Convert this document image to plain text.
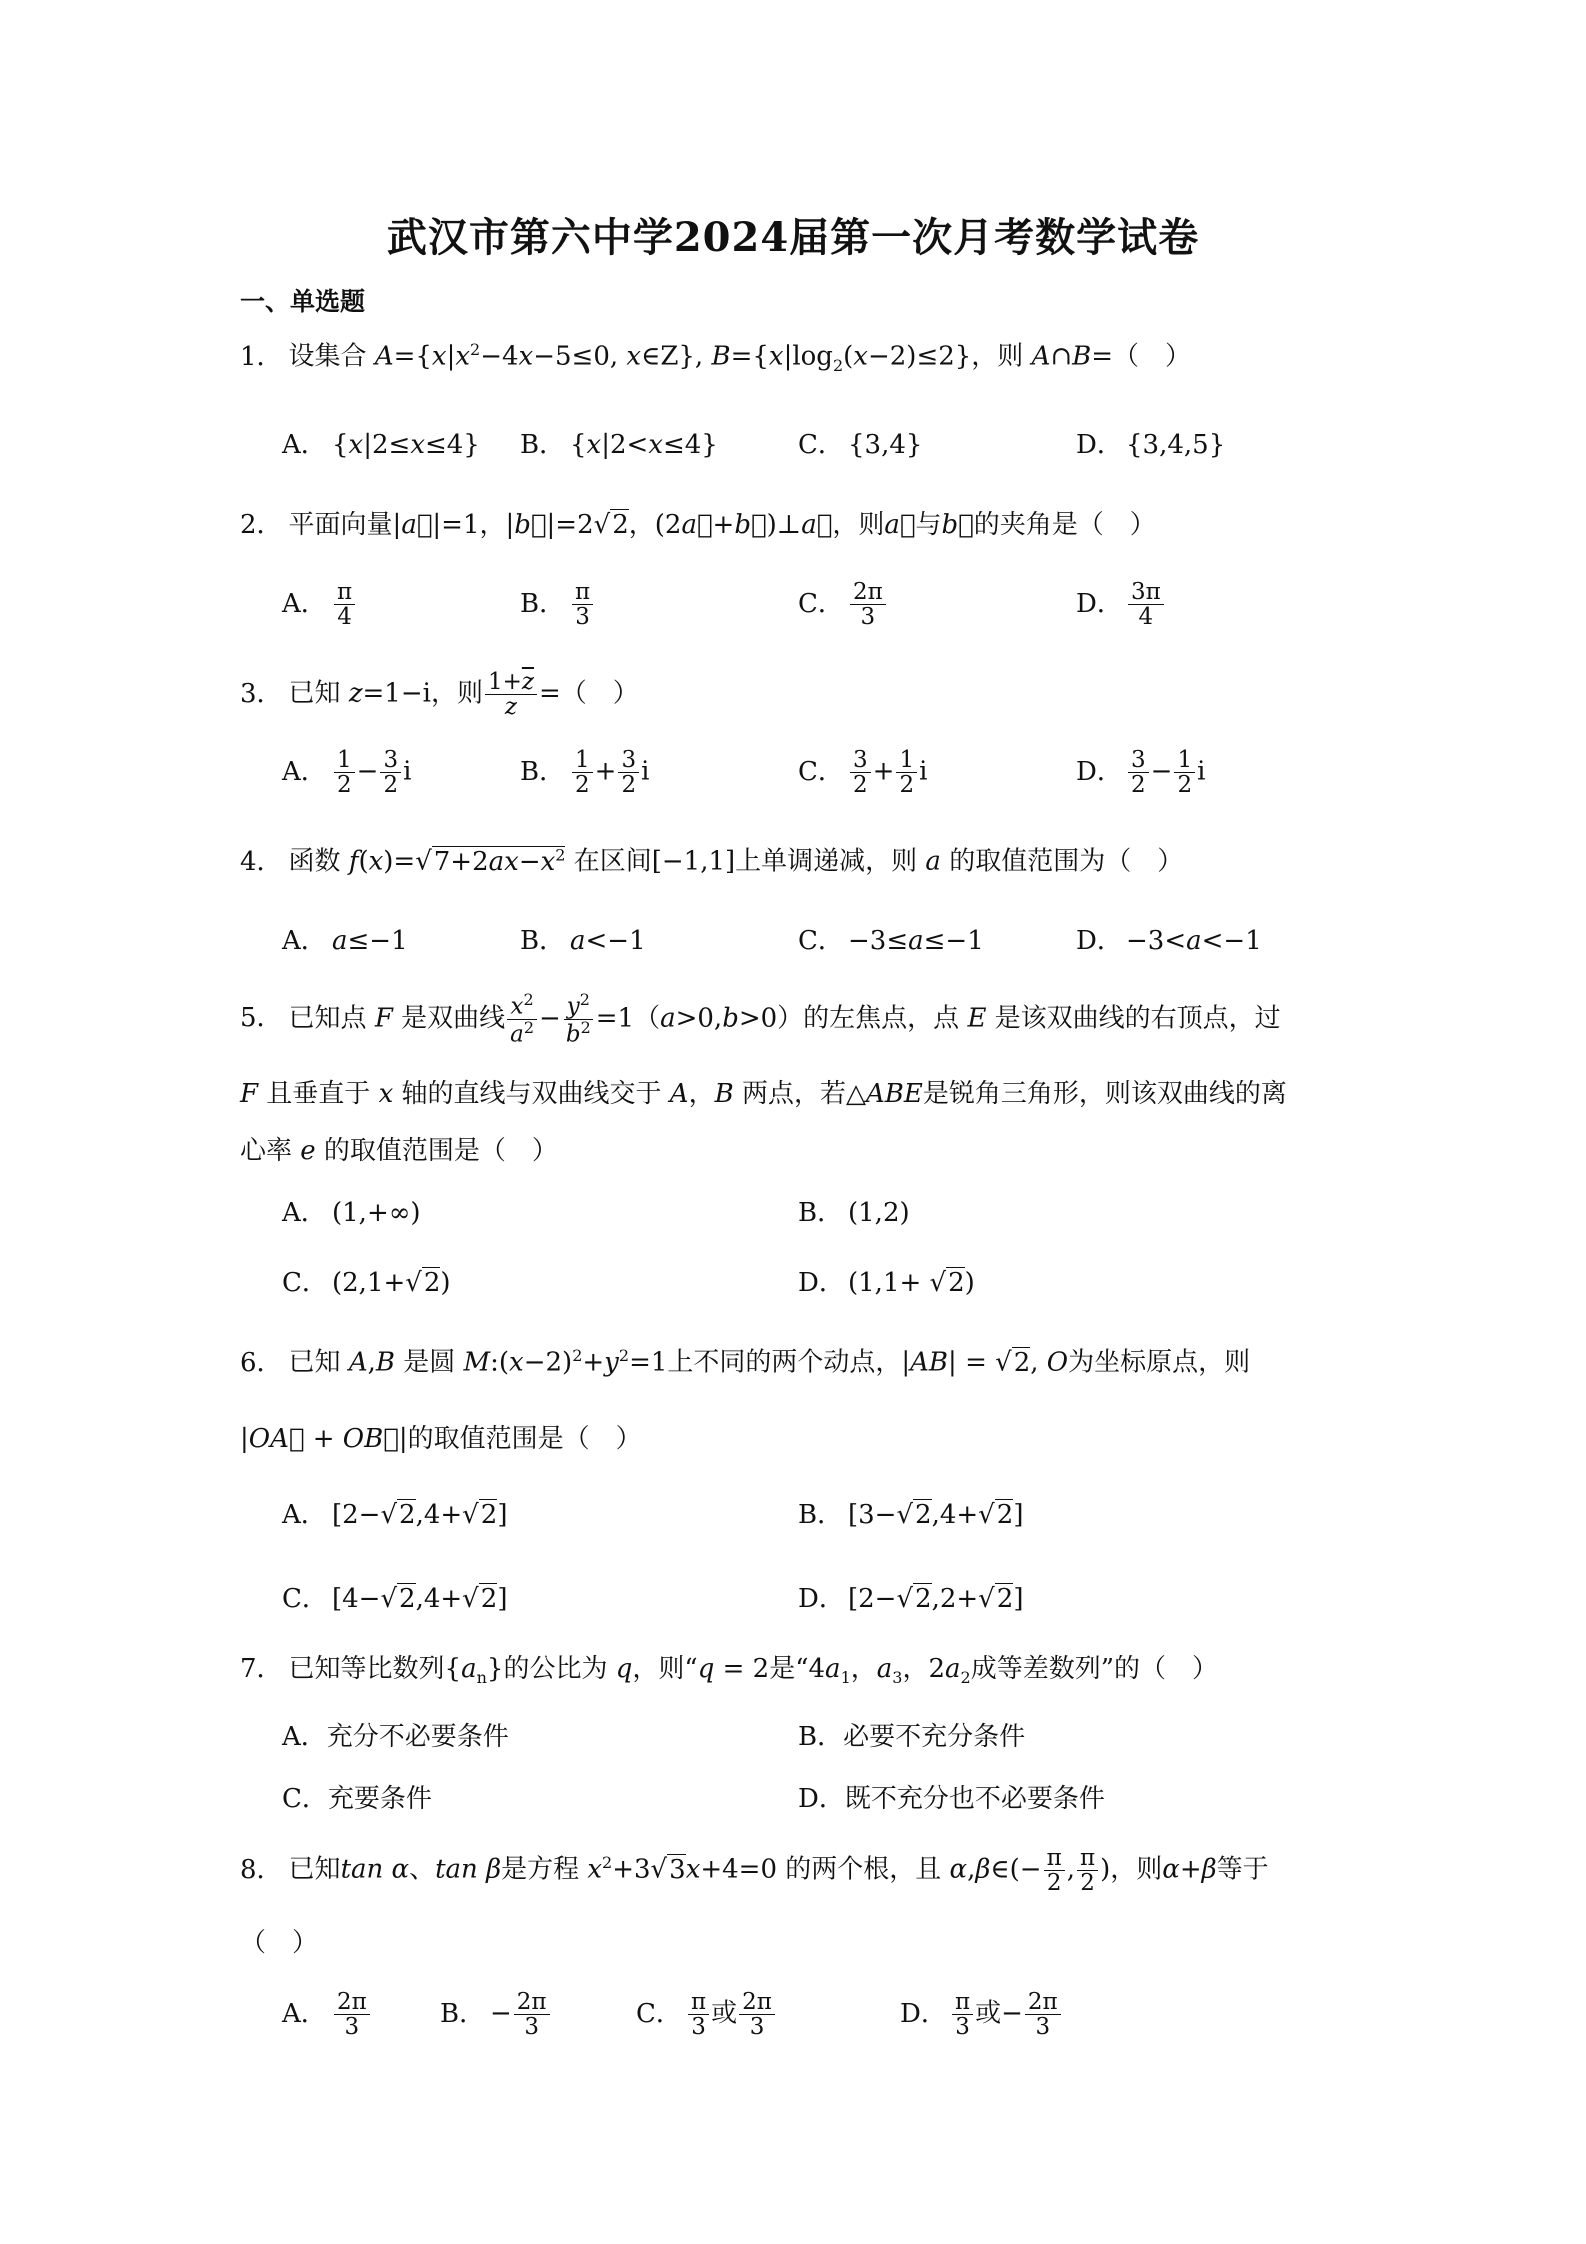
武汉市第六中学2024届第一次月考数学试卷
一、单选题
1． 设集合 $A=\{x|x^2-4x-5\le 0$, x∈Z}, $B=\{x|\log_2(x-2)\le 2\}$，则 A∩B=（　）
A． {x|2≤x≤4} B． {x|2<x≤4}	C． {3,4}	D． {3,4,5}
2． 平面向量|a⃗|=1，|b⃗|=2√2，(2a⃗+b⃗)⊥a⃗，则a⃗与b⃗的夹角是（　）
A． $\frac{\pi}{4}$	B． $\frac{\pi}{3}$	C． $\frac{2\pi}{3}$	D． $\frac{3\pi}{4}$
3． 已知 z=1−i，则 $\frac{1+\overline{z}}{z}$ =（　）
A． $\frac{1}{2} - \frac{3}{2}$ i	B． $\frac{1}{2} + \frac{3}{2}$ i	C． $\frac{3}{2} + \frac{1}{2}$ i	D． $\frac{3}{2} - \frac{1}{2}$ i
4． 函数 $f(x)=√7+2ax-x^2$ 在区间[−1,1]上单调递减，则 a 的取值范围为（　）
A． a≤−1	B． a<−1	C． −3≤a≤−1	D． −3<a<−1
5． 已知点 F 是双曲线 $\frac{x^2}{a^2} - \frac{y^2}{b^2} =1(a>0,b>0)$的左焦点，点 E 是该双曲线的右顶点，过
F 且垂直于 x 轴的直线与双曲线交于 A，B 两点，若△ABE是锐角三角形，则该双曲线的离
心率 e 的取值范围是（　）
A． (1,+∞)	B． (1,2)
C． (2,1+√2)	D． (1,1+ √2)
6． 已知 A,B 是圆 $M:(x-2)^2+y^2=1$上不同的两个动点，|AB| = √2, O为坐标原点，则
|OA⃗ + OB⃗|的取值范围是（　）
A． [2−√2,4+√2]	B． [3−√2,4+√2]
C． [4−√2,4+√2]	D． [2−√2,2+√2]
7． 已知等比数列$\{a_n\}$的公比为 q，则“q = 2是“$4a_1$，$a_3$，$2a_2$成等差数列”的（　）
A．充分不必要条件	B．必要不充分条件
C．充要条件	D．既不充分也不必要条件
8． 已知tan α、tan β是方程 $x^2+3√3x+4=0$ 的两个根，且 α,β∈(− $\frac{\pi}{2}$ , $\frac{\pi}{2}$ )，则α+β等于
（　）
A． $\frac{2\pi}{3}$	B． − $\frac{2\pi}{3}$	C． $\frac{\pi}{3}$ 或 $\frac{2\pi}{3}$	D． $\frac{\pi}{3}$ 或− $\frac{2\pi}{3}$
